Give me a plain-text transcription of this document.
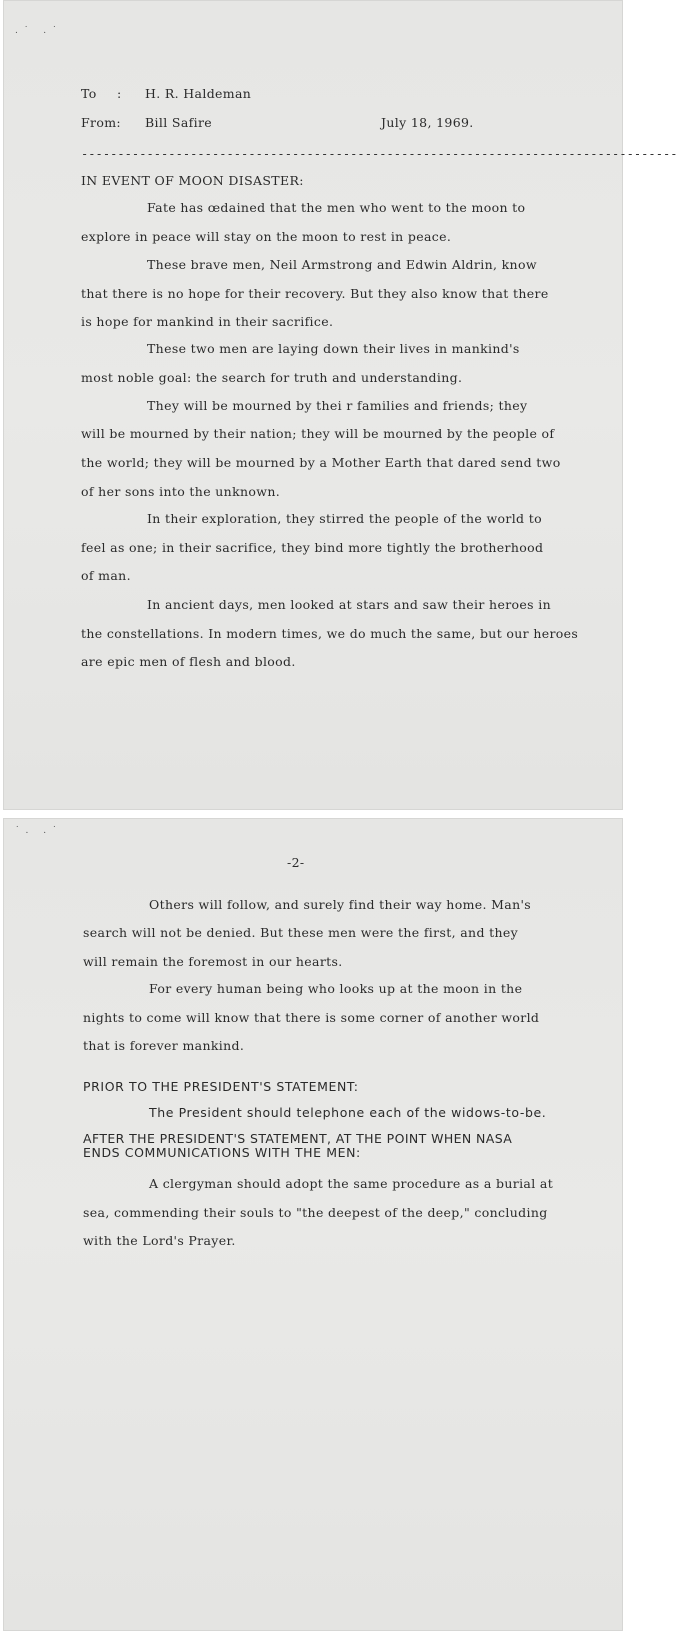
.˙ .˙
To : H. R. Haldeman
From: Bill Safire	July 18, 1969.
----------------------------------------------------------------------------------
IN EVENT OF MOON DISASTER:
Fate has œdained that the men who went to the moon to
explore in peace will stay on the moon to rest in peace.
These brave men, Neil Armstrong and Edwin Aldrin, know
that there is no hope for their recovery. But they also know that there
is hope for mankind in their sacrifice.
These two men are laying down their lives in mankind's
most noble goal: the search for truth and understanding.
They will be mourned by thei r families and friends; they
will be mourned by their nation; they will be mourned by the people of
the world; they will be mourned by a Mother Earth that dared send two
of her sons into the unknown.
In their exploration, they stirred the people of the world to
feel as one; in their sacrifice, they bind more tightly the brotherhood
of man.
In ancient days, men looked at stars and saw their heroes in
the constellations. In modern times, we do much the same, but our heroes
are epic men of flesh and blood.
˙. .˙
-2-
Others will follow, and surely find their way home. Man's
search will not be denied. But these men were the first, and they
will remain the foremost in our hearts.
For every human being who looks up at the moon in the
nights to come will know that there is some corner of another world
that is forever mankind.
PRIOR TO THE PRESIDENT'S STATEMENT:
The President should telephone each of the widows-to-be.
AFTER THE PRESIDENT'S STATEMENT, AT THE POINT WHEN NASA
ENDS COMMUNICATIONS WITH THE MEN:
A clergyman should adopt the same procedure as a burial at
sea, commending their souls to "the deepest of the deep," concluding
with the Lord's Prayer.
